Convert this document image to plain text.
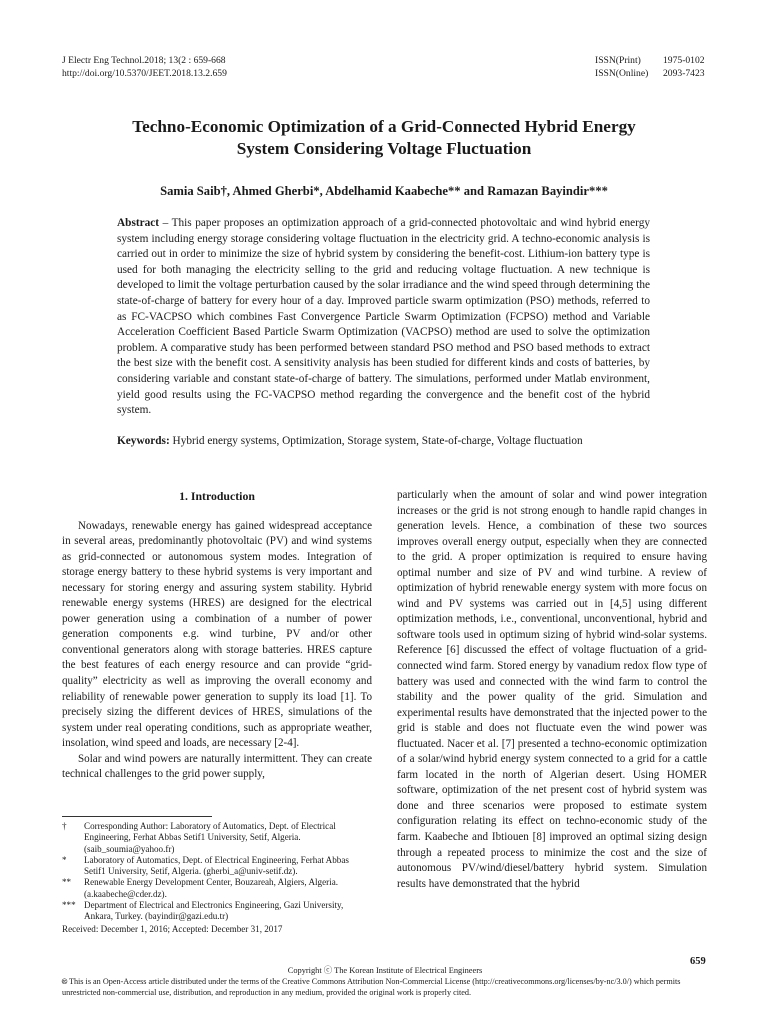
J Electr Eng Technol.2018; 13(2 : 659-668
http://doi.org/10.5370/JEET.2018.13.2.659
ISSN(Print) 1975-0102
ISSN(Online) 2093-7423
Techno-Economic Optimization of a Grid-Connected Hybrid Energy
System Considering Voltage Fluctuation
Samia Saib†, Ahmed Gherbi*, Abdelhamid Kaabeche** and Ramazan Bayindir***
Abstract – This paper proposes an optimization approach of a grid-connected photovoltaic and wind hybrid energy system including energy storage considering voltage fluctuation in the electricity grid. A techno-economic analysis is carried out in order to minimize the size of hybrid system by considering the benefit-cost. Lithium-ion battery type is used for both managing the electricity selling to the grid and reducing voltage fluctuation. A new technique is developed to limit the voltage perturbation caused by the solar irradiance and the wind speed through determining the state-of-charge of battery for every hour of a day. Improved particle swarm optimization (PSO) methods, referred to as FC-VACPSO which combines Fast Convergence Particle Swarm Optimization (FCPSO) method and Variable Acceleration Coefficient Based Particle Swarm Optimization (VACPSO) method are used to solve the optimization problem. A comparative study has been performed between standard PSO method and PSO based methods to extract the best size with the benefit cost. A sensitivity analysis has been studied for different kinds and costs of batteries, by considering variable and constant state-of-charge of battery. The simulations, performed under Matlab environment, yield good results using the FC-VACPSO method regarding the convergence and the benefit cost of the hybrid system.
Keywords: Hybrid energy systems, Optimization, Storage system, State-of-charge, Voltage fluctuation
1. Introduction

Nowadays, renewable energy has gained widespread acceptance in several areas, predominantly photovoltaic (PV) and wind systems as grid-connected or autonomous system modes. Integration of storage energy battery to these hybrid systems is very important and necessary for storing energy and assuring system stability. Hybrid renewable energy systems (HRES) are designed for the electrical power generation using a combination of a number of power generation components e.g. wind turbine, PV and/or other conventional generators along with storage batteries. HRES capture the best features of each energy resource and can provide “grid-quality” electricity as well as improving the overall economy and reliability of renewable power generation to supply its load [1]. To precisely sizing the different devices of HRES, simulations of the system under real operating conditions, such as appropriate weather, insolation, wind speed and loads, are necessary [2-4].

Solar and wind powers are naturally intermittent. They can create technical challenges to the grid power supply,

particularly when the amount of solar and wind power integration increases or the grid is not strong enough to handle rapid changes in generation levels. Hence, a combination of these two sources improves overall energy output, especially when they are connected to the grid. A proper optimization is required to ensure having optimal number and size of PV and wind turbine. A review of optimization of hybrid renewable energy system with more focus on wind and PV systems was carried out in [4,5] using different optimization methods, i.e., conventional, unconventional, hybrid and software tools used in optimum sizing of hybrid wind-solar systems. Reference [6] discussed the effect of voltage fluctuation of a grid-connected wind farm. Stored energy by vanadium redox flow type of battery was used and connected with the wind farm to control the stability and the power quality of the grid. Simulation and experimental results have demonstrated that the injected power to the grid is stable and does not fluctuate even the wind power was fluctuated. Nacer et al. [7] presented a techno-economic optimization of a solar/wind hybrid energy system connected to a grid for a cattle farm located in the north of Algerian desert. Using HOMER software, optimization of the net present cost of hybrid system was done and three scenarios were proposed to estimate system configuration relating its effect on techno-economic study of the farm. Kaabeche and Ibtiouen [8] improved an optimal sizing design through a repeated process to minimize the cost and the size of autonomous PV/wind/diesel/battery hybrid system. Simulation results have demonstrated that the hybrid

†	Corresponding Author: Laboratory of Automatics, Dept. of Electrical Engineering, Ferhat Abbas Setif1 University, Setif, Algeria. (saib_soumia@yahoo.fr)
*	Laboratory of Automatics, Dept. of Electrical Engineering, Ferhat Abbas Setif1 University, Setif, Algeria. (gherbi_a@univ-setif.dz).
**	Renewable Energy Development Center, Bouzareah, Algiers, Algeria. (a.kaabeche@cder.dz).
*** Department of Electrical and Electronics Engineering, Gazi University, Ankara, Turkey. (bayindir@gazi.edu.tr)
Received: December 1, 2016; Accepted: December 31, 2017
659
Copyright ⓒ The Korean Institute of Electrical Engineers
🅭 This is an Open-Access article distributed under the terms of the Creative Commons Attribution Non-Commercial License (http://creativecommons.org/licenses/by-nc/3.0/) which permits unrestricted non-commercial use, distribution, and reproduction in any medium, provided the original work is properly cited.
